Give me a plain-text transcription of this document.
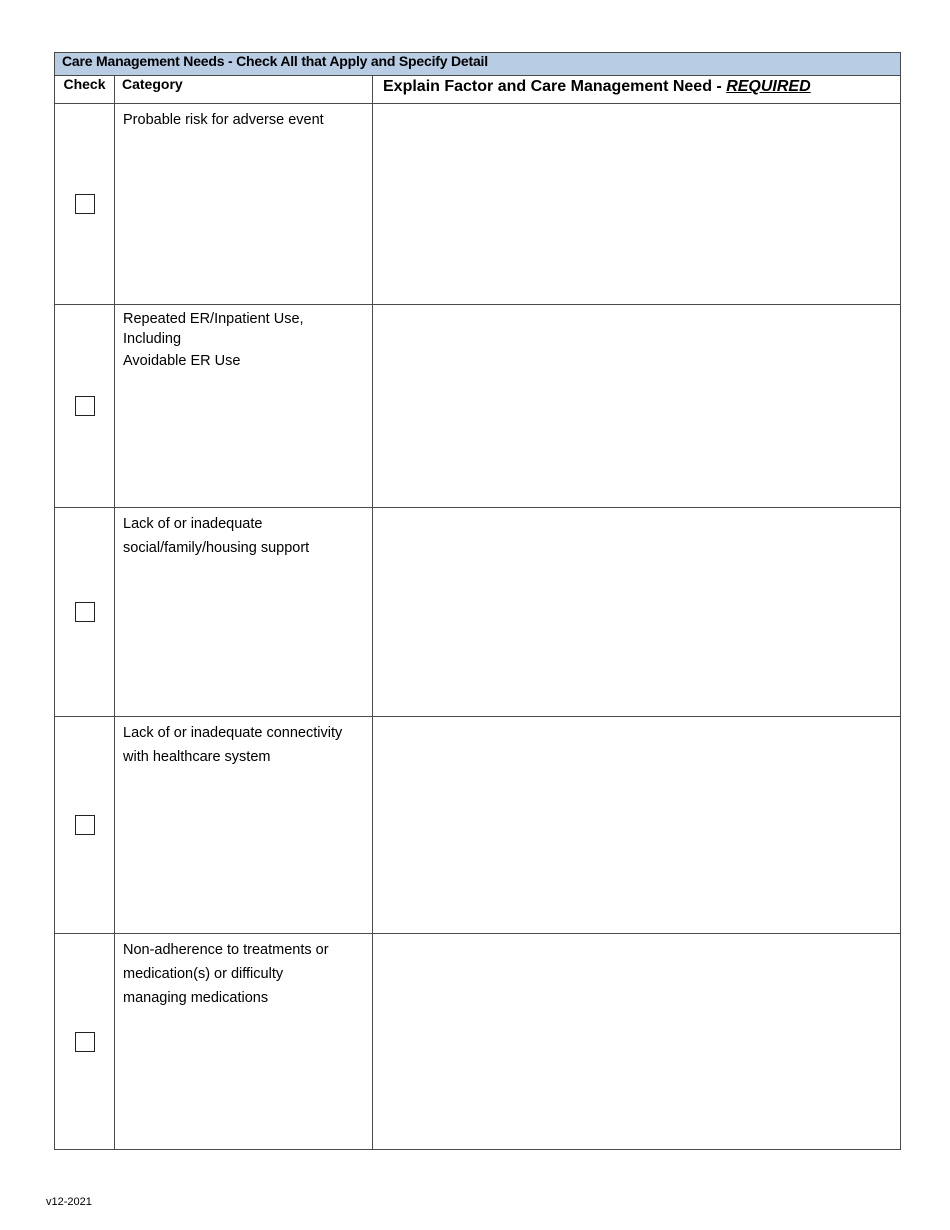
Care Management Needs - Check All that Apply and Specify Detail		
Check	Category	Explain Factor and Care Management Need - REQUIRED

	Probable risk for adverse event	

	Repeated ER/Inpatient Use,
Including
Avoidable ER Use	

	Lack of or inadequate
social/family/housing support	

	Lack of or inadequate connectivity
with healthcare system	

	Non-adherence to treatments or
medication(s) or difficulty
managing medications	

v12-2021
